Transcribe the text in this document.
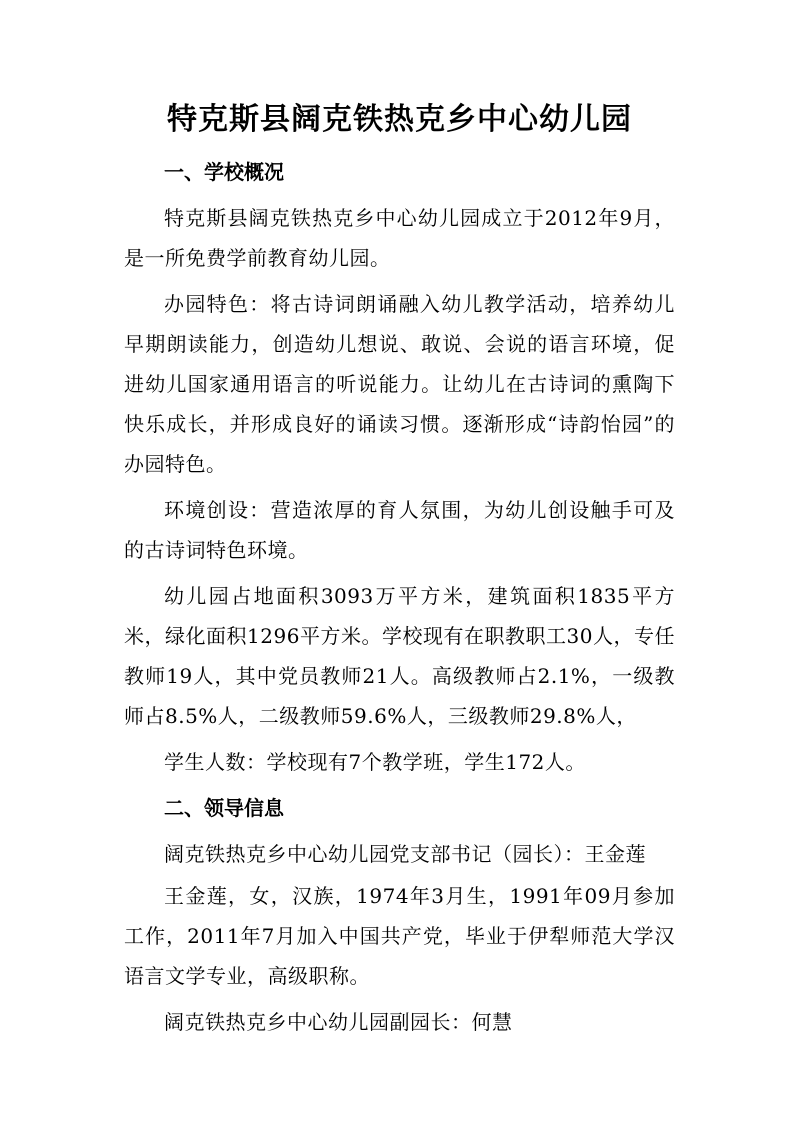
特克斯县阔克铁热克乡中心幼儿园
一、学校概况

特克斯县阔克铁热克乡中心幼儿园成立于2012年9月，是一所免费学前教育幼儿园。

办园特色：将古诗词朗诵融入幼儿教学活动，培养幼儿早期朗读能力，创造幼儿想说、敢说、会说的语言环境，促进幼儿国家通用语言的听说能力。让幼儿在古诗词的熏陶下快乐成长，并形成良好的诵读习惯。逐渐形成“诗韵怡园”的办园特色。

环境创设：营造浓厚的育人氛围，为幼儿创设触手可及的古诗词特色环境。

幼儿园占地面积3093万平方米，建筑面积1835平方米，绿化面积1296平方米。学校现有在职教职工30人，专任教师19人，其中党员教师21人。高级教师占2.1%，一级教师占8.5%人，二级教师59.6%人，三级教师29.8%人，

学生人数：学校现有7个教学班，学生172人。

二、领导信息

阔克铁热克乡中心幼儿园党支部书记（园长）：王金莲

王金莲，女，汉族，1974年3月生，1991年09月参加工作，2011年7月加入中国共产党，毕业于伊犁师范大学汉语言文学专业，高级职称。

阔克铁热克乡中心幼儿园副园长：何慧
